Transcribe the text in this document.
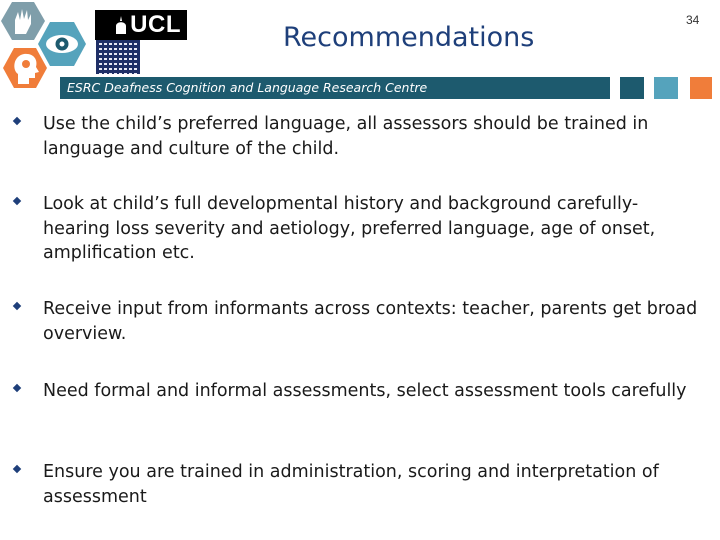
UCL	Recommendations
34
ESRC Deafness Cognition and Language Research Centre
Use the child’s preferred language, all assessors should be trained in language and culture of the child.
Look at child’s full developmental history and background carefully-hearing loss severity and aetiology, preferred language, age of onset, amplification etc.
Receive input from informants across contexts: teacher, parents get broad overview.
Need formal and informal assessments, select assessment tools carefully
Ensure you are trained in administration, scoring and interpretation of assessment
